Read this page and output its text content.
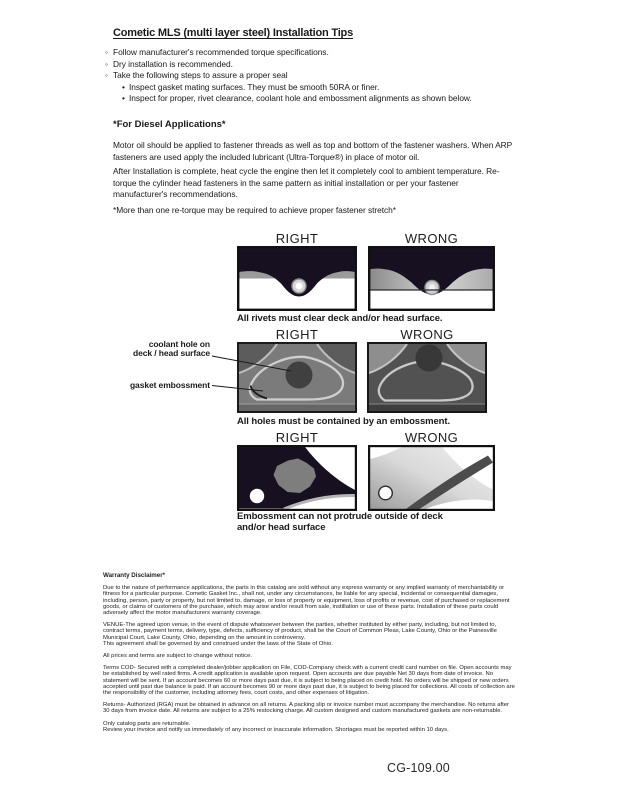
Cometic MLS (multi layer steel) Installation Tips
◦ Follow manufacturer's recommended torque specifications.
◦ Dry installation is recommended.
◦ Take the following steps to assure a proper seal
• Inspect gasket mating surfaces. They must be smooth 50RA or finer.
• Inspect for proper, rivet clearance, coolant hole and embossment alignments as shown below.
*For Diesel Applications*
Motor oil should be applied to fastener threads as well as top and bottom of the fastener washers. When ARP fasteners are used apply the included lubricant (Ultra-Torque®) in place of motor oil.
After Installation is complete, heat cycle the engine then let it completely cool to ambient temperature. Re-torque the cylinder head fasteners in the same pattern as initial installation or per your fastener manufacturer's recommendations.
*More than one re-torque may be required to achieve proper fastener stretch*
RIGHT	WRONG
All rivets must clear deck and/or head surface.
RIGHT	WRONG
coolant hole on
deck / head surface
gasket embossment
All holes must be contained by an embossment.
RIGHT	WRONG
Embossment can not protrude outside of deck
and/or head surface
Warranty Disclaimer*

Due to the nature of performance applications, the parts in this catalog are sold without any express warranty or any implied warranty of merchantability or fitness for a particular purpose. Cometic Gasket Inc., shall not, under any circumstances, be liable for any special, incidental or consequential damages, including, person, party or property, but not limited to, damage, or loss of property or equipment, loss of profits or revenue, cost of purchased or replacement goods, or claims of customers of the purchase, which may arise and/or result from sale, instillation or use of these parts. Installation of these parts could adversely affect the motor manufacturers warranty coverage.

VENUE-The agreed upon venue, in the event of dispute whatsoever between the parties, whether instituted by either party, including, but not limited to, contract terms, payment terms, delivery, type, defects, sufficiency of product, shall be the Court of Common Pleas, Lake County, Ohio or the Painesville Municipal Court, Lake County, Ohio, depending on the amount in controversy.

This agreement shall be governed by and construed under the laws of the State of Ohio.

All prices and terms are subject to change without notice.

Terms COD- Secured with a completed dealer/jobber application on File, COD-Company check with a current credit card number on file. Open accounts may be established by well rated firms. A credit application is available upon request. Open accounts are due payable Net 30 days from date of invoice. No statement will be sent. If an account becomes 60 or more days past due, it is subject to being placed on credit hold. No orders will be shipped or new orders accepted until past due balance is paid. If an account becomes 90 or more days past due, it is subject to being placed for collections. All costs of collection are the responsibility of the customer, including attorney fees, court costs, and other expenses of litigation.

Returns- Authorized (RGA) must be obtained in advance on all returns. A packing slip or invoice number must accompany the merchandise. No returns after 30 days from invoice date. All returns are subject to a 25% restocking charge. All custom designed and custom manufactured gaskets are non-returnable.

Only catalog parts are returnable.

Review your invoice and notify us immediately of any incorrect or inaccurate information. Shortages must be reported within 10 days.

CG-109.00
